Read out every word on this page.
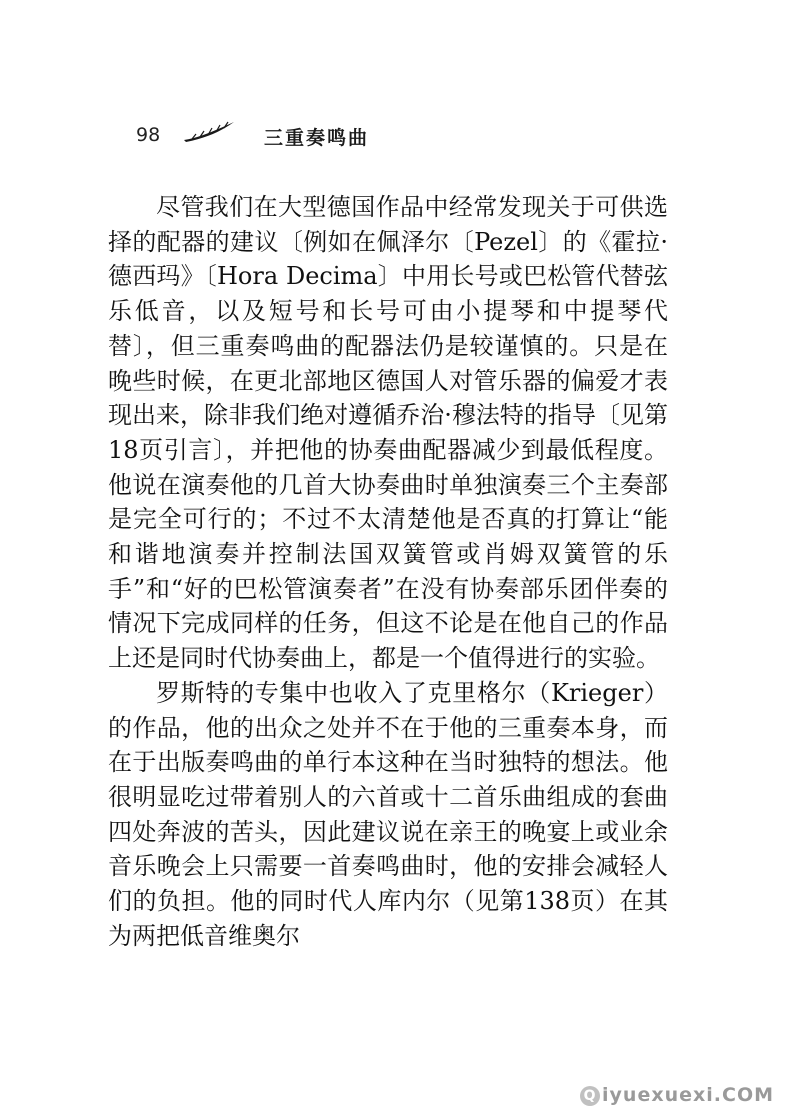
98	三重奏鸣曲

尽管我们在大型德国作品中经常发现关于可供选择的配器的建议〔例如在佩泽尔〔Pezel〕的《霍拉·德西玛》〔Hora Decima〕中用长号或巴松管代替弦乐低音，以及短号和长号可由小提琴和中提琴代替〕，但三重奏鸣曲的配器法仍是较谨慎的。只是在晚些时候，在更北部地区德国人对管乐器的偏爱才表现出来，除非我们绝对遵循乔治·穆法特的指导〔见第18页引言〕，并把他的协奏曲配器减少到最低程度。他说在演奏他的几首大协奏曲时单独演奏三个主奏部是完全可行的；不过不太清楚他是否真的打算让“能和谐地演奏并控制法国双簧管或肖姆双簧管的乐手”和“好的巴松管演奏者”在没有协奏部乐团伴奏的情况下完成同样的任务，但这不论是在他自己的作品上还是同时代协奏曲上，都是一个值得进行的实验。

罗斯特的专集中也收入了克里格尔（Krieger）的作品，他的出众之处并不在于他的三重奏本身，而在于出版奏鸣曲的单行本这种在当时独特的想法。他很明显吃过带着别人的六首或十二首乐曲组成的套曲四处奔波的苦头，因此建议说在亲王的晚宴上或业余音乐晚会上只需要一首奏鸣曲时，他的安排会减轻人们的负担。他的同时代人库内尔（见第138页）在其为两把低音维奥尔

Q iyuexuexi.COM
